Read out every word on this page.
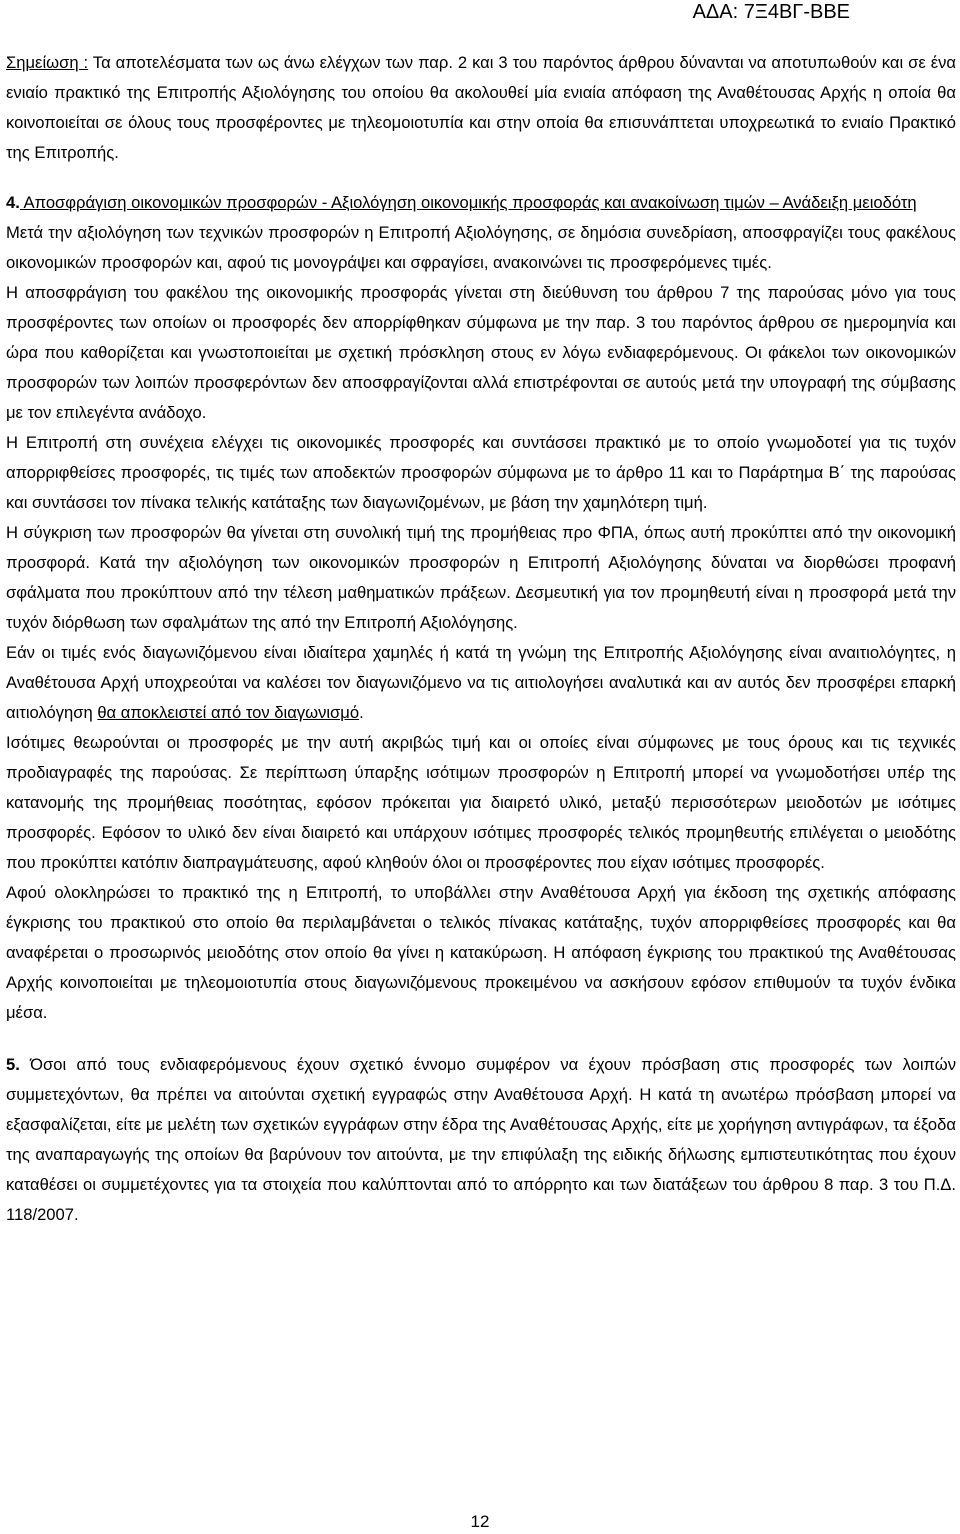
ΑΔΑ: 7Ξ4ΒΓ-ΒΒΕ

Σημείωση : Τα αποτελέσματα των ως άνω ελέγχων των παρ. 2 και 3 του παρόντος άρθρου δύνανται να αποτυπωθούν και σε ένα ενιαίο πρακτικό της Επιτροπής Αξιολόγησης του οποίου θα ακολουθεί μία ενιαία απόφαση της Αναθέτουσας Αρχής η οποία θα κοινοποιείται σε όλους τους προσφέροντες με τηλεομοιοτυπία και στην οποία θα επισυνάπτεται υποχρεωτικά το ενιαίο Πρακτικό της Επιτροπής.

4. Αποσφράγιση οικονομικών προσφορών - Αξιολόγηση οικονομικής προσφοράς και ανακοίνωση τιμών – Ανάδειξη μειοδότη

Μετά την αξιολόγηση των τεχνικών προσφορών η Επιτροπή Αξιολόγησης, σε δημόσια συνεδρίαση, αποσφραγίζει τους φακέλους οικονομικών προσφορών και, αφού τις μονογράψει και σφραγίσει, ανακοινώνει τις προσφερόμενες τιμές.

Η αποσφράγιση του φακέλου της οικονομικής προσφοράς γίνεται στη διεύθυνση του άρθρου 7 της παρούσας μόνο για τους προσφέροντες των οποίων οι προσφορές δεν απορρίφθηκαν σύμφωνα με την παρ. 3 του παρόντος άρθρου σε ημερομηνία και ώρα που καθορίζεται και γνωστοποιείται με σχετική πρόσκληση στους εν λόγω ενδιαφερόμενους. Οι φάκελοι των οικονομικών προσφορών των λοιπών προσφερόντων δεν αποσφραγίζονται αλλά επιστρέφονται σε αυτούς μετά την υπογραφή της σύμβασης με τον επιλεγέντα ανάδοχο.

Η Επιτροπή στη συνέχεια ελέγχει τις οικονομικές προσφορές και συντάσσει πρακτικό με το οποίο γνωμοδοτεί για τις τυχόν απορριφθείσες προσφορές, τις τιμές των αποδεκτών προσφορών σύμφωνα με το άρθρο 11 και το Παράρτημα Β΄ της παρούσας και συντάσσει τον πίνακα τελικής κατάταξης των διαγωνιζομένων, με βάση την χαμηλότερη τιμή.

Η σύγκριση των προσφορών θα γίνεται στη συνολική τιμή της προμήθειας προ ΦΠΑ, όπως αυτή προκύπτει από την οικονομική προσφορά. Κατά την αξιολόγηση των οικονομικών προσφορών η Επιτροπή Αξιολόγησης δύναται να διορθώσει προφανή σφάλματα που προκύπτουν από την τέλεση μαθηματικών πράξεων. Δεσμευτική για τον προμηθευτή είναι η προσφορά μετά την τυχόν διόρθωση των σφαλμάτων της από την Επιτροπή Αξιολόγησης.

Εάν οι τιμές ενός διαγωνιζόμενου είναι ιδιαίτερα χαμηλές ή κατά τη γνώμη της Επιτροπής Αξιολόγησης είναι αναιτιολόγητες, η Αναθέτουσα Αρχή υποχρεούται να καλέσει τον διαγωνιζόμενο να τις αιτιολογήσει αναλυτικά και αν αυτός δεν προσφέρει επαρκή αιτιολόγηση θα αποκλειστεί από τον διαγωνισμό.

Ισότιμες θεωρούνται οι προσφορές με την αυτή ακριβώς τιμή και οι οποίες είναι σύμφωνες με τους όρους και τις τεχνικές προδιαγραφές της παρούσας. Σε περίπτωση ύπαρξης ισότιμων προσφορών η Επιτροπή μπορεί να γνωμοδοτήσει υπέρ της κατανομής της προμήθειας ποσότητας, εφόσον πρόκειται για διαιρετό υλικό, μεταξύ περισσότερων μειοδοτών με ισότιμες προσφορές. Εφόσον το υλικό δεν είναι διαιρετό και υπάρχουν ισότιμες προσφορές τελικός προμηθευτής επιλέγεται ο μειοδότης που προκύπτει κατόπιν διαπραγμάτευσης, αφού κληθούν όλοι οι προσφέροντες που είχαν ισότιμες προσφορές.

Αφού ολοκληρώσει το πρακτικό της η Επιτροπή, το υποβάλλει στην Αναθέτουσα Αρχή για έκδοση της σχετικής απόφασης έγκρισης του πρακτικού στο οποίο θα περιλαμβάνεται ο τελικός πίνακας κατάταξης, τυχόν απορριφθείσες προσφορές και θα αναφέρεται ο προσωρινός μειοδότης στον οποίο θα γίνει η κατακύρωση. Η απόφαση έγκρισης του πρακτικού της Αναθέτουσας Αρχής κοινοποιείται με τηλεομοιοτυπία στους διαγωνιζόμενους προκειμένου να ασκήσουν εφόσον επιθυμούν τα τυχόν ένδικα μέσα.

5. Όσοι από τους ενδιαφερόμενους έχουν σχετικό έννομο συμφέρον να έχουν πρόσβαση στις προσφορές των λοιπών συμμετεχόντων, θα πρέπει να αιτούνται σχετική εγγραφώς στην Αναθέτουσα Αρχή. Η κατά τη ανωτέρω πρόσβαση μπορεί να εξασφαλίζεται, είτε με μελέτη των σχετικών εγγράφων στην έδρα της Αναθέτουσας Αρχής, είτε με χορήγηση αντιγράφων, τα έξοδα της αναπαραγωγής της οποίων θα βαρύνουν τον αιτούντα, με την επιφύλαξη της ειδικής δήλωσης εμπιστευτικότητας που έχουν καταθέσει οι συμμετέχοντες για τα στοιχεία που καλύπτονται από το απόρρητο και των διατάξεων του άρθρου 8 παρ. 3 του Π.Δ. 118/2007.

12
